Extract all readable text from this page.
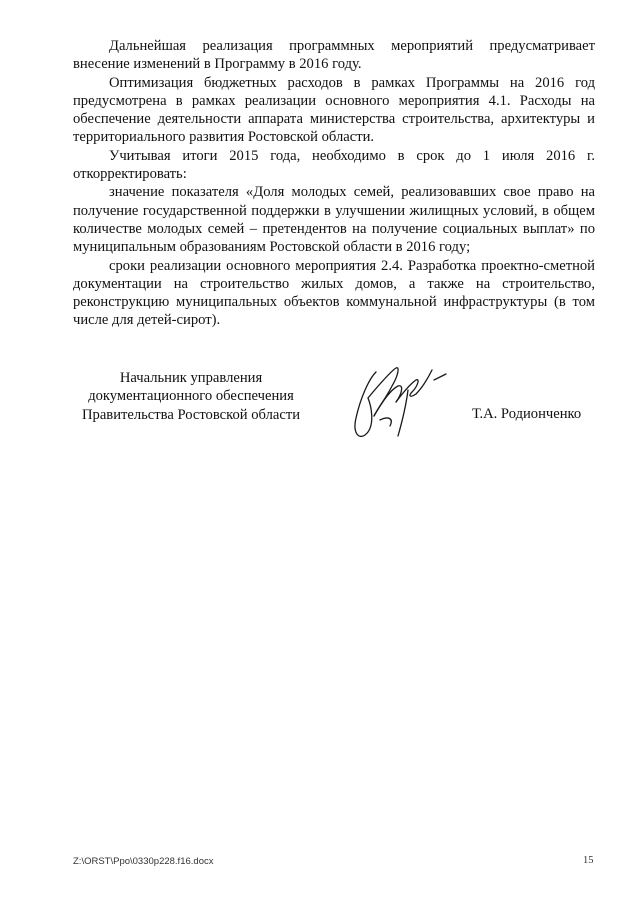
Дальнейшая реализация программных мероприятий предусматривает внесение изменений в Программу в 2016 году.

Оптимизация бюджетных расходов в рамках Программы на 2016 год предусмотрена в рамках реализации основного мероприятия 4.1. Расходы на обеспечение деятельности аппарата министерства строительства, архитектуры и территориального развития Ростовской области.

Учитывая итоги 2015 года, необходимо в срок до 1 июля 2016 г. откорректировать:

значение показателя «Доля молодых семей, реализовавших свое право на получение государственной поддержки в улучшении жилищных условий, в общем количестве молодых семей – претендентов на получение социальных выплат» по муниципальным образованиям Ростовской области в 2016 году;

сроки реализации основного мероприятия 2.4. Разработка проектно-сметной документации на строительство жилых домов, а также на строительство, реконструкцию муниципальных объектов коммунальной инфраструктуры (в том числе для детей-сирот).

Начальник управления
документационного обеспечения
Правительства Ростовской области	Т.А. Родионченко
Z:\ORST\Ppo\0330p228.f16.docx	15
